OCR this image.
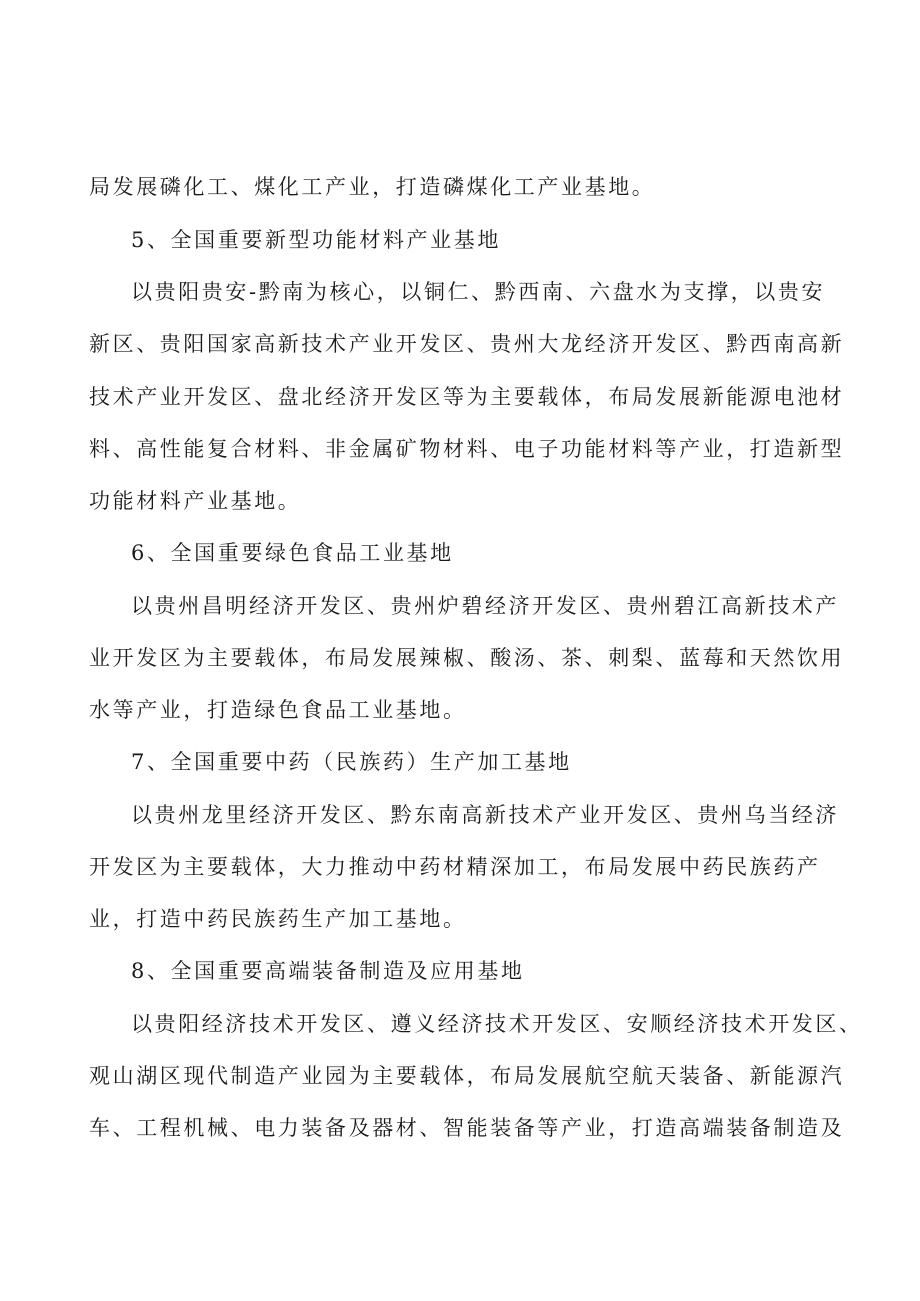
局发展磷化工、煤化工产业，打造磷煤化工产业基地。
5、全国重要新型功能材料产业基地
以贵阳贵安-黔南为核心，以铜仁、黔西南、六盘水为支撑，以贵安
新区、贵阳国家高新技术产业开发区、贵州大龙经济开发区、黔西南高新
技术产业开发区、盘北经济开发区等为主要载体，布局发展新能源电池材
料、高性能复合材料、非金属矿物材料、电子功能材料等产业，打造新型
功能材料产业基地。
6、全国重要绿色食品工业基地
以贵州昌明经济开发区、贵州炉碧经济开发区、贵州碧江高新技术产
业开发区为主要载体，布局发展辣椒、酸汤、茶、刺梨、蓝莓和天然饮用
水等产业，打造绿色食品工业基地。
7、全国重要中药（民族药）生产加工基地
以贵州龙里经济开发区、黔东南高新技术产业开发区、贵州乌当经济
开发区为主要载体，大力推动中药材精深加工，布局发展中药民族药产
业，打造中药民族药生产加工基地。
8、全国重要高端装备制造及应用基地
以贵阳经济技术开发区、遵义经济技术开发区、安顺经济技术开发区、
观山湖区现代制造产业园为主要载体，布局发展航空航天装备、新能源汽
车、工程机械、电力装备及器材、智能装备等产业，打造高端装备制造及
